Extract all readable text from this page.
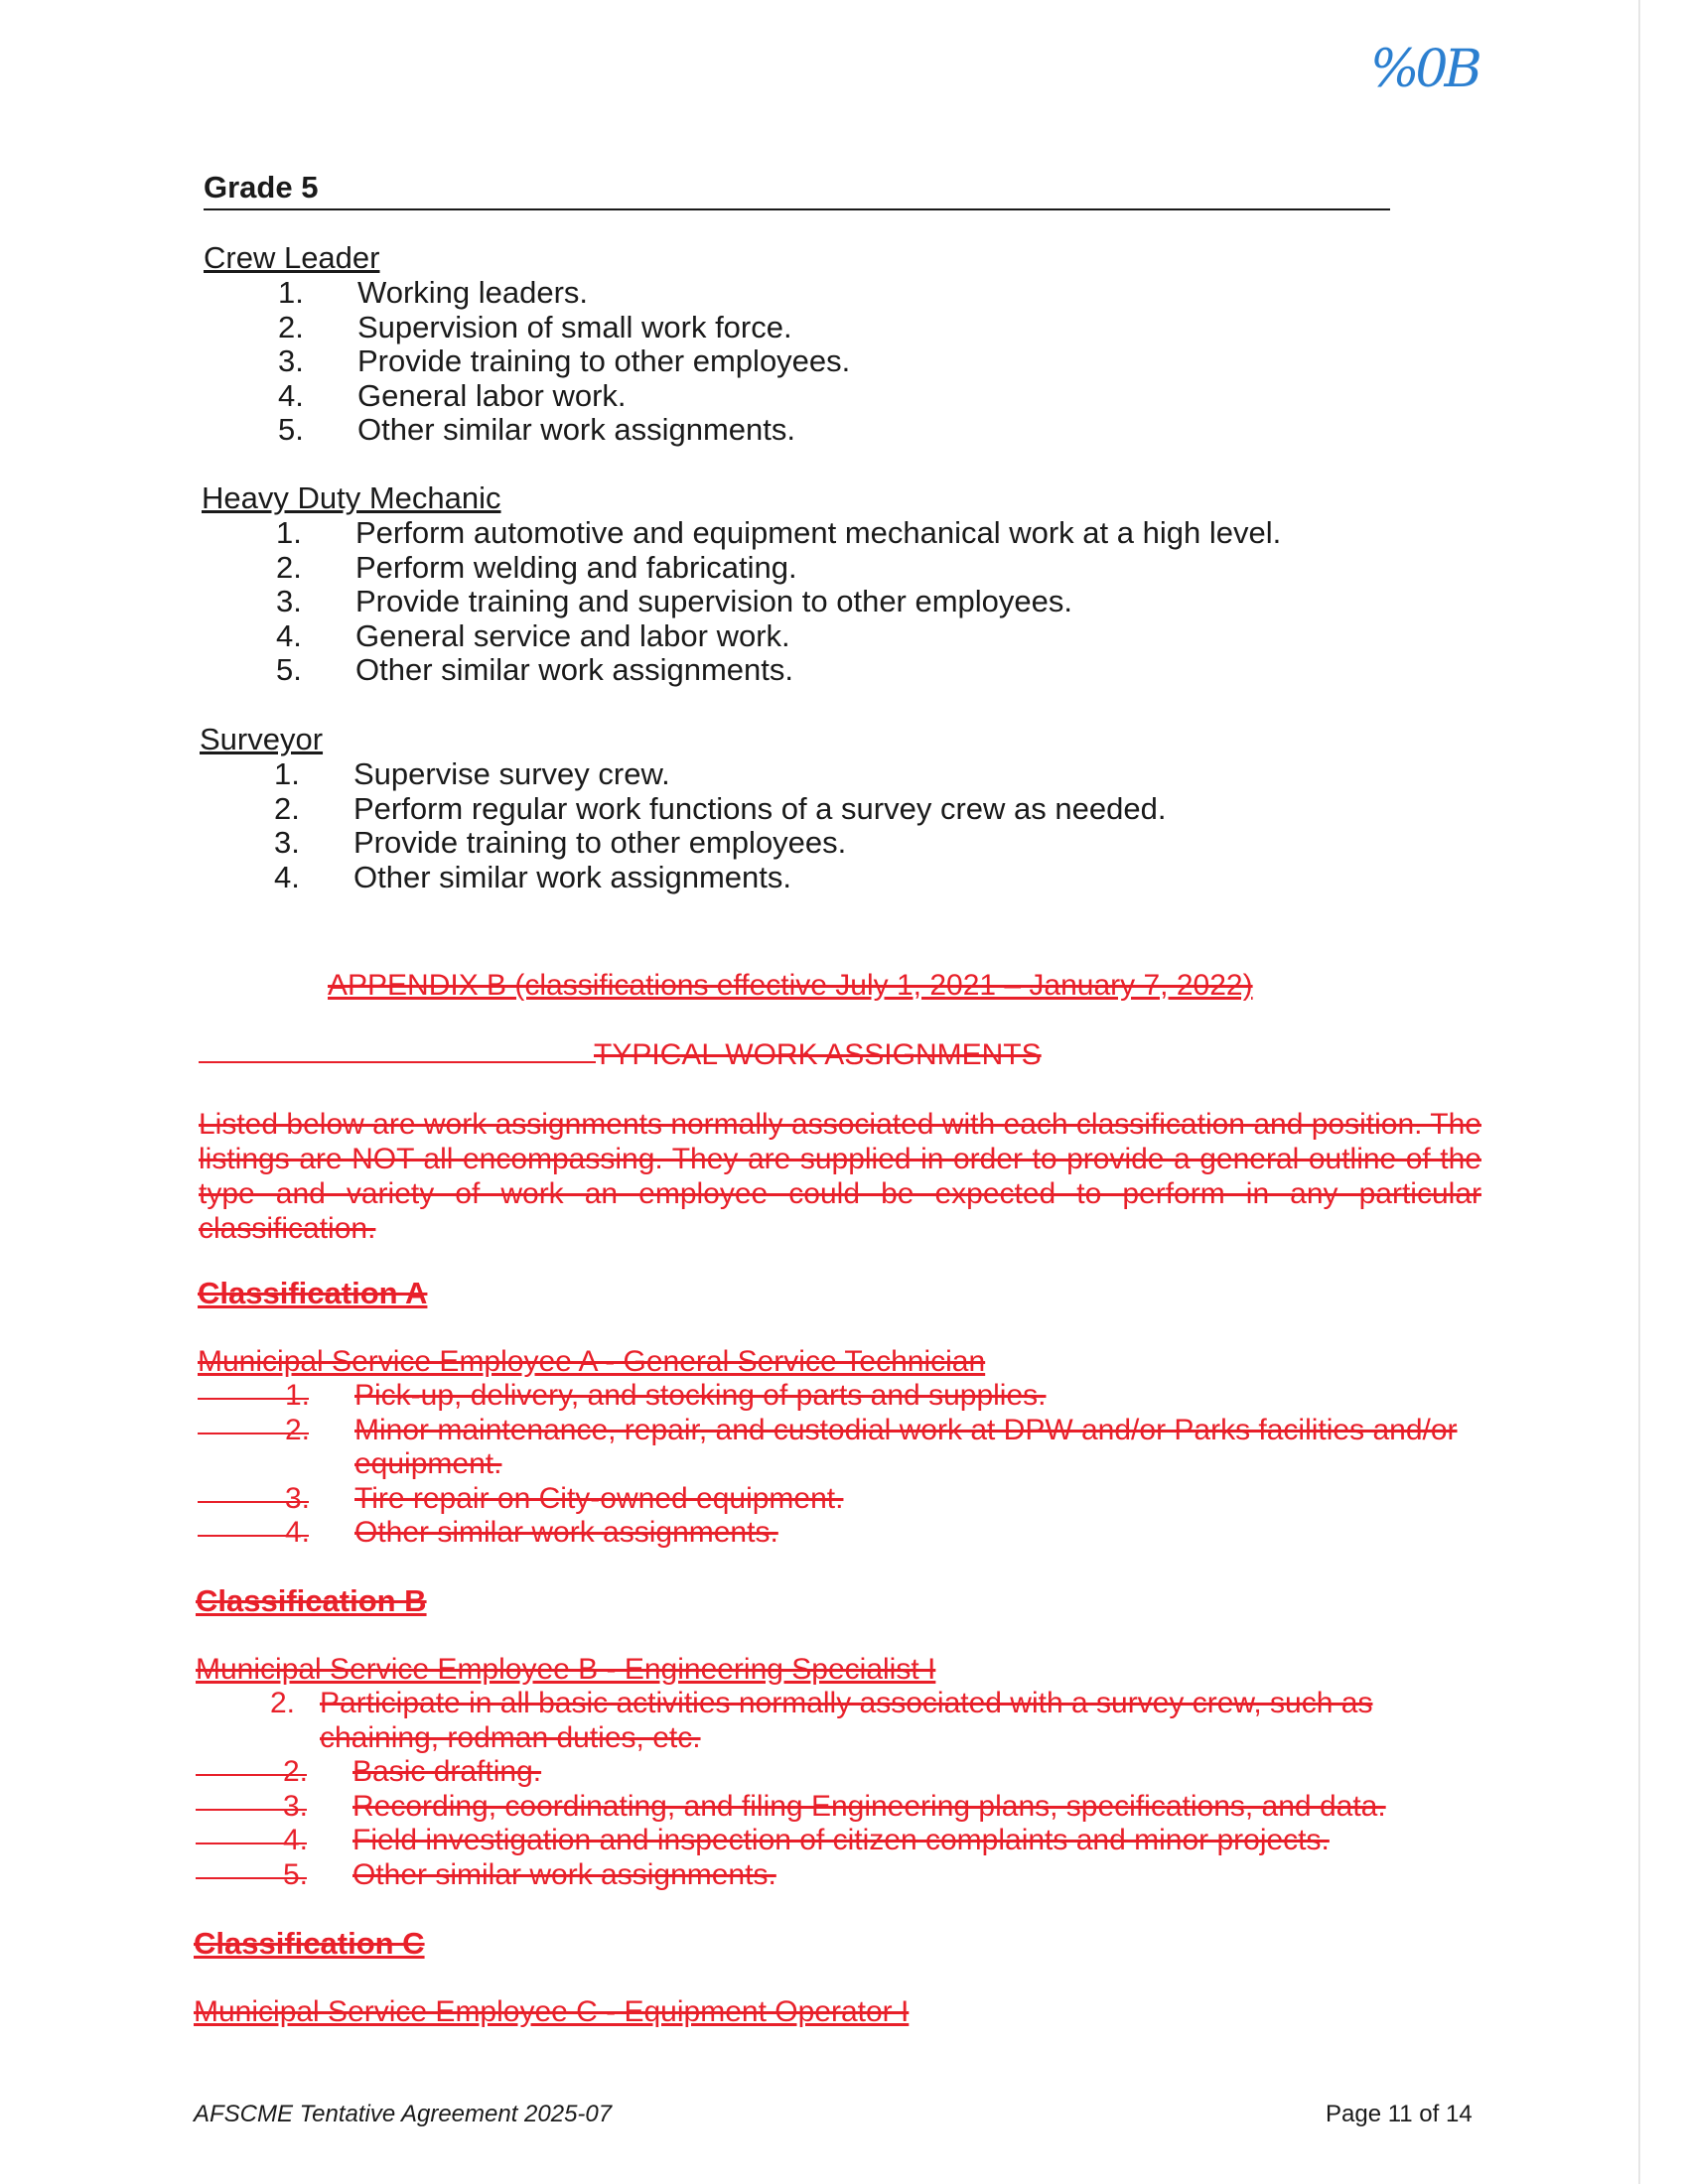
%0B
Grade 5
Crew Leader
1. Working leaders.
2. Supervision of small work force.
3. Provide training to other employees.
4. General labor work.
5. Other similar work assignments.
Heavy Duty Mechanic
1. Perform automotive and equipment mechanical work at a high level.
2. Perform welding and fabricating.
3. Provide training and supervision to other employees.
4. General service and labor work.
5. Other similar work assignments.
Surveyor
1. Supervise survey crew.
2. Perform regular work functions of a survey crew as needed.
3. Provide training to other employees.
4. Other similar work assignments.
APPENDIX B (classifications effective July 1, 2021 – January 7, 2022)
TYPICAL WORK ASSIGNMENTS
Listed below are work assignments normally associated with each classification and position. The listings are NOT all encompassing. They are supplied in order to provide a general outline of the type and variety of work an employee could be expected to perform in any particular classification.
Classification A
Municipal Service Employee A - General Service Technician
1. Pick-up, delivery, and stocking of parts and supplies.
2. Minor maintenance, repair, and custodial work at DPW and/or Parks facilities and/or equipment.
3. Tire repair on City-owned equipment.
4. Other similar work assignments.
Classification B
Municipal Service Employee B - Engineering Specialist I
2. Participate in all basic activities normally associated with a survey crew, such as chaining, rodman duties, etc.
2. Basic drafting.
3. Recording, coordinating, and filing Engineering plans, specifications, and data.
4. Field investigation and inspection of citizen complaints and minor projects.
5. Other similar work assignments.
Classification C
Municipal Service Employee C - Equipment Operator I
AFSCME Tentative Agreement 2025-07	Page 11 of 14
